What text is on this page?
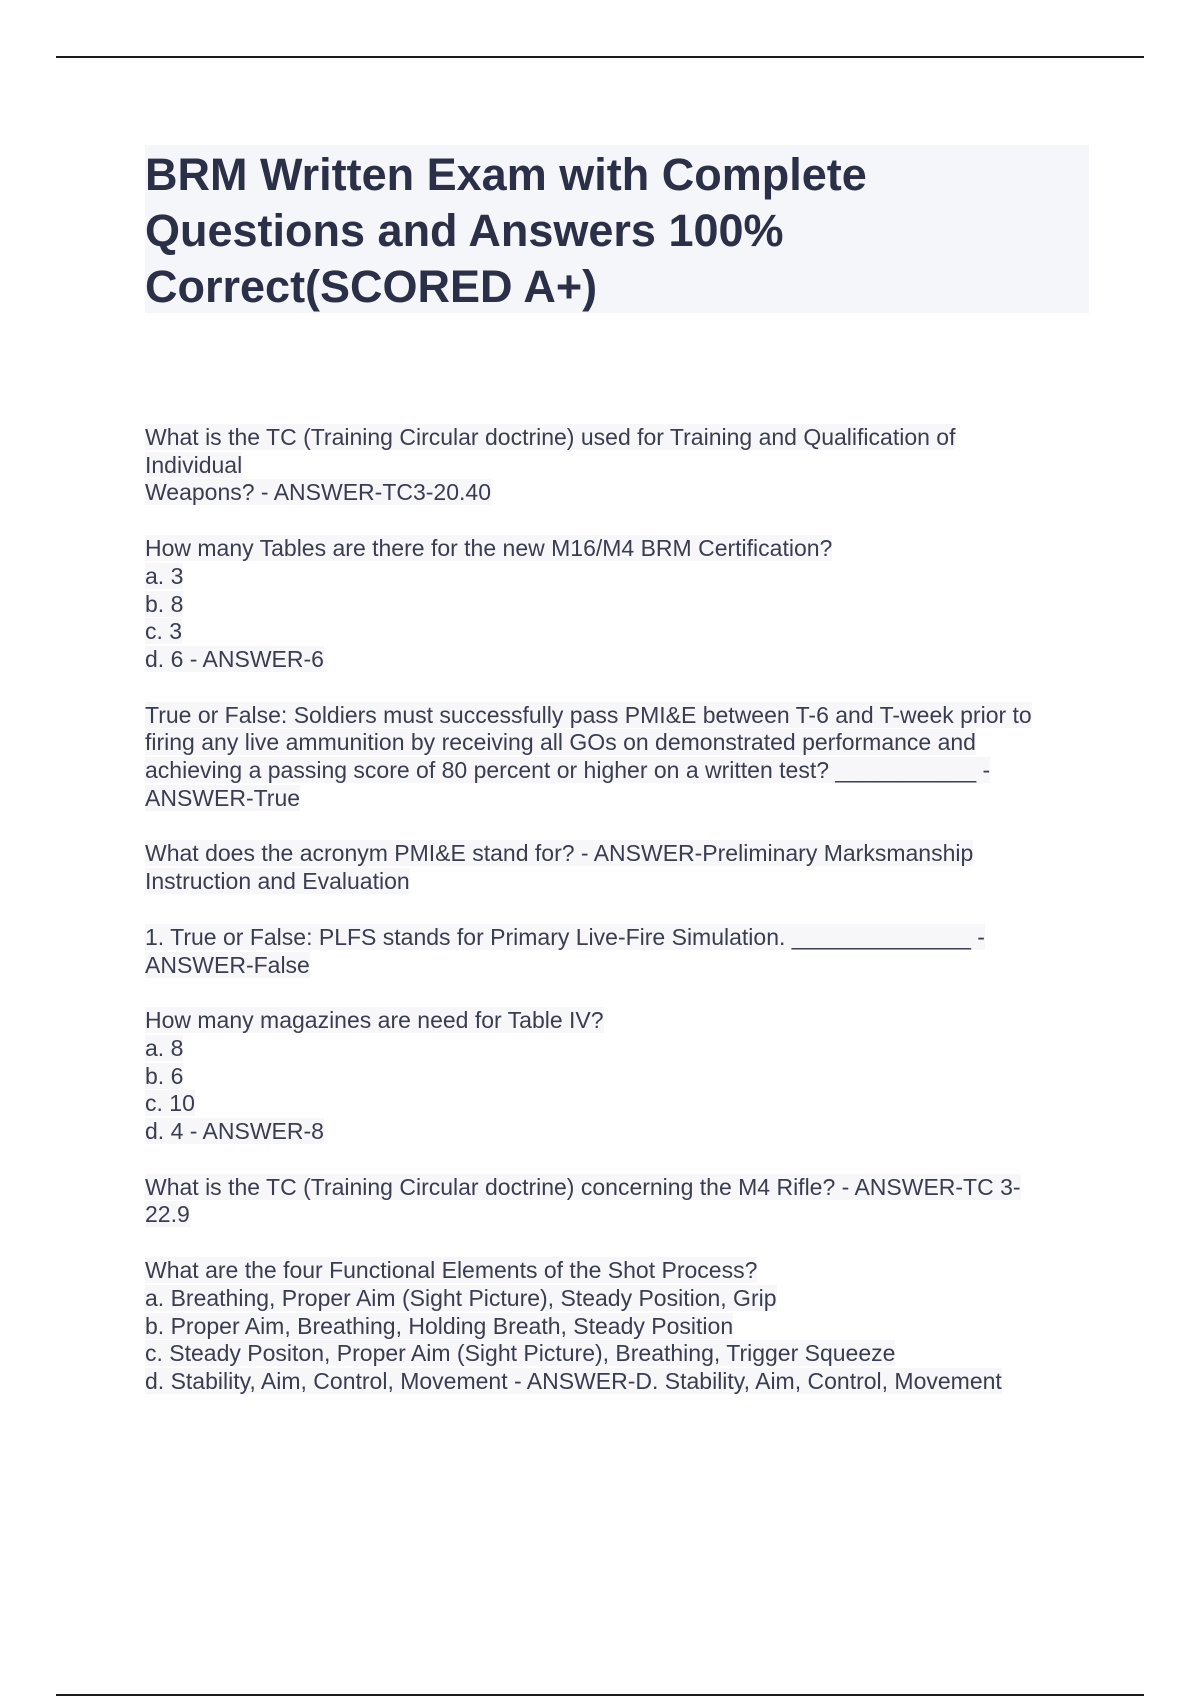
BRM Written Exam with Complete
Questions and Answers 100%
Correct(SCORED A+)
What is the TC (Training Circular doctrine) used for Training and Qualification of
Individual
Weapons? - ANSWER-TC3-20.40
How many Tables are there for the new M16/M4 BRM Certification?
a. 3
b. 8
c. 3
d. 6 - ANSWER-6
True or False: Soldiers must successfully pass PMI&E between T-6 and T-week prior to
firing any live ammunition by receiving all GOs on demonstrated performance and
achieving a passing score of 80 percent or higher on a written test? ___________ -
ANSWER-True
What does the acronym PMI&E stand for? - ANSWER-Preliminary Marksmanship
Instruction and Evaluation
1. True or False: PLFS stands for Primary Live-Fire Simulation. ______________ -
ANSWER-False
How many magazines are need for Table IV?
a. 8
b. 6
c. 10
d. 4 - ANSWER-8
What is the TC (Training Circular doctrine) concerning the M4 Rifle? - ANSWER-TC 3-
22.9
What are the four Functional Elements of the Shot Process?
a. Breathing, Proper Aim (Sight Picture), Steady Position, Grip
b. Proper Aim, Breathing, Holding Breath, Steady Position
c. Steady Positon, Proper Aim (Sight Picture), Breathing, Trigger Squeeze
d. Stability, Aim, Control, Movement - ANSWER-D. Stability, Aim, Control, Movement
